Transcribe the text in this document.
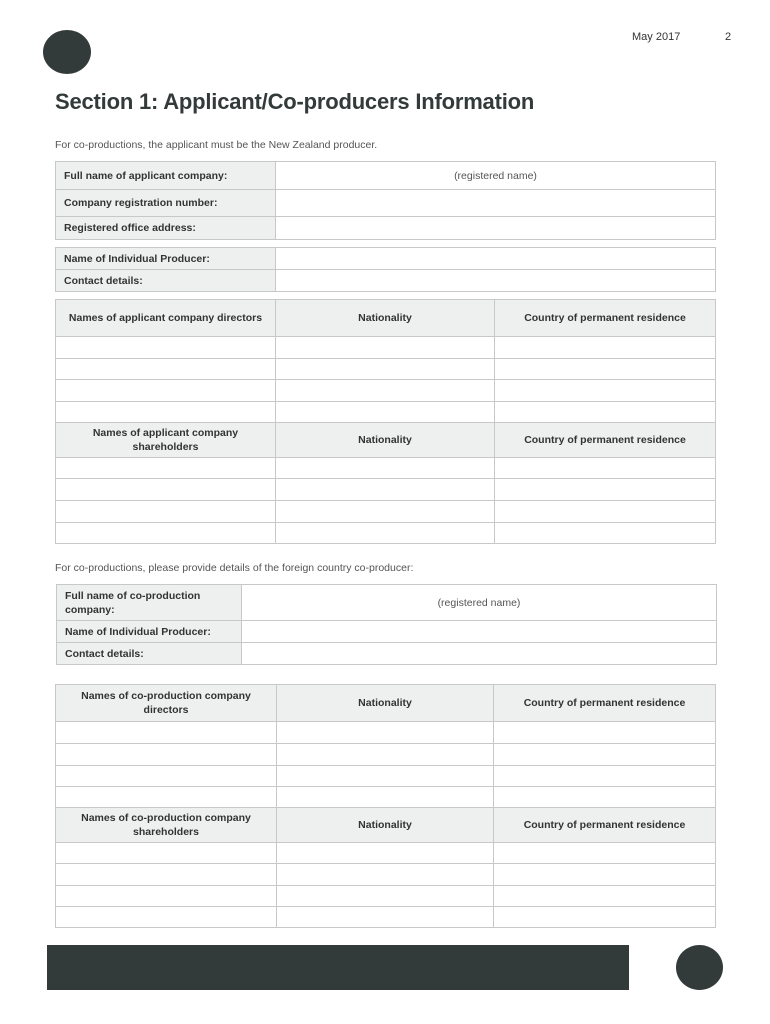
May 2017	2
Section 1: Applicant/Co-producers Information
For co-productions, the applicant must be the New Zealand producer.
Full name of applicant company:	(registered name)
Company registration number:	
Registered office address:	
Name of Individual Producer:	
Contact details:	
Names of applicant company directors	Nationality	Country of permanent residence

Names of applicant company shareholders	Nationality	Country of permanent residence

For co-productions, please provide details of the foreign country co-producer:
Full name of co-production company:	(registered name)
Name of Individual Producer:	
Contact details:	
Names of co-production company directors	Nationality	Country of permanent residence

Names of co-production company shareholders	Nationality	Country of permanent residence
